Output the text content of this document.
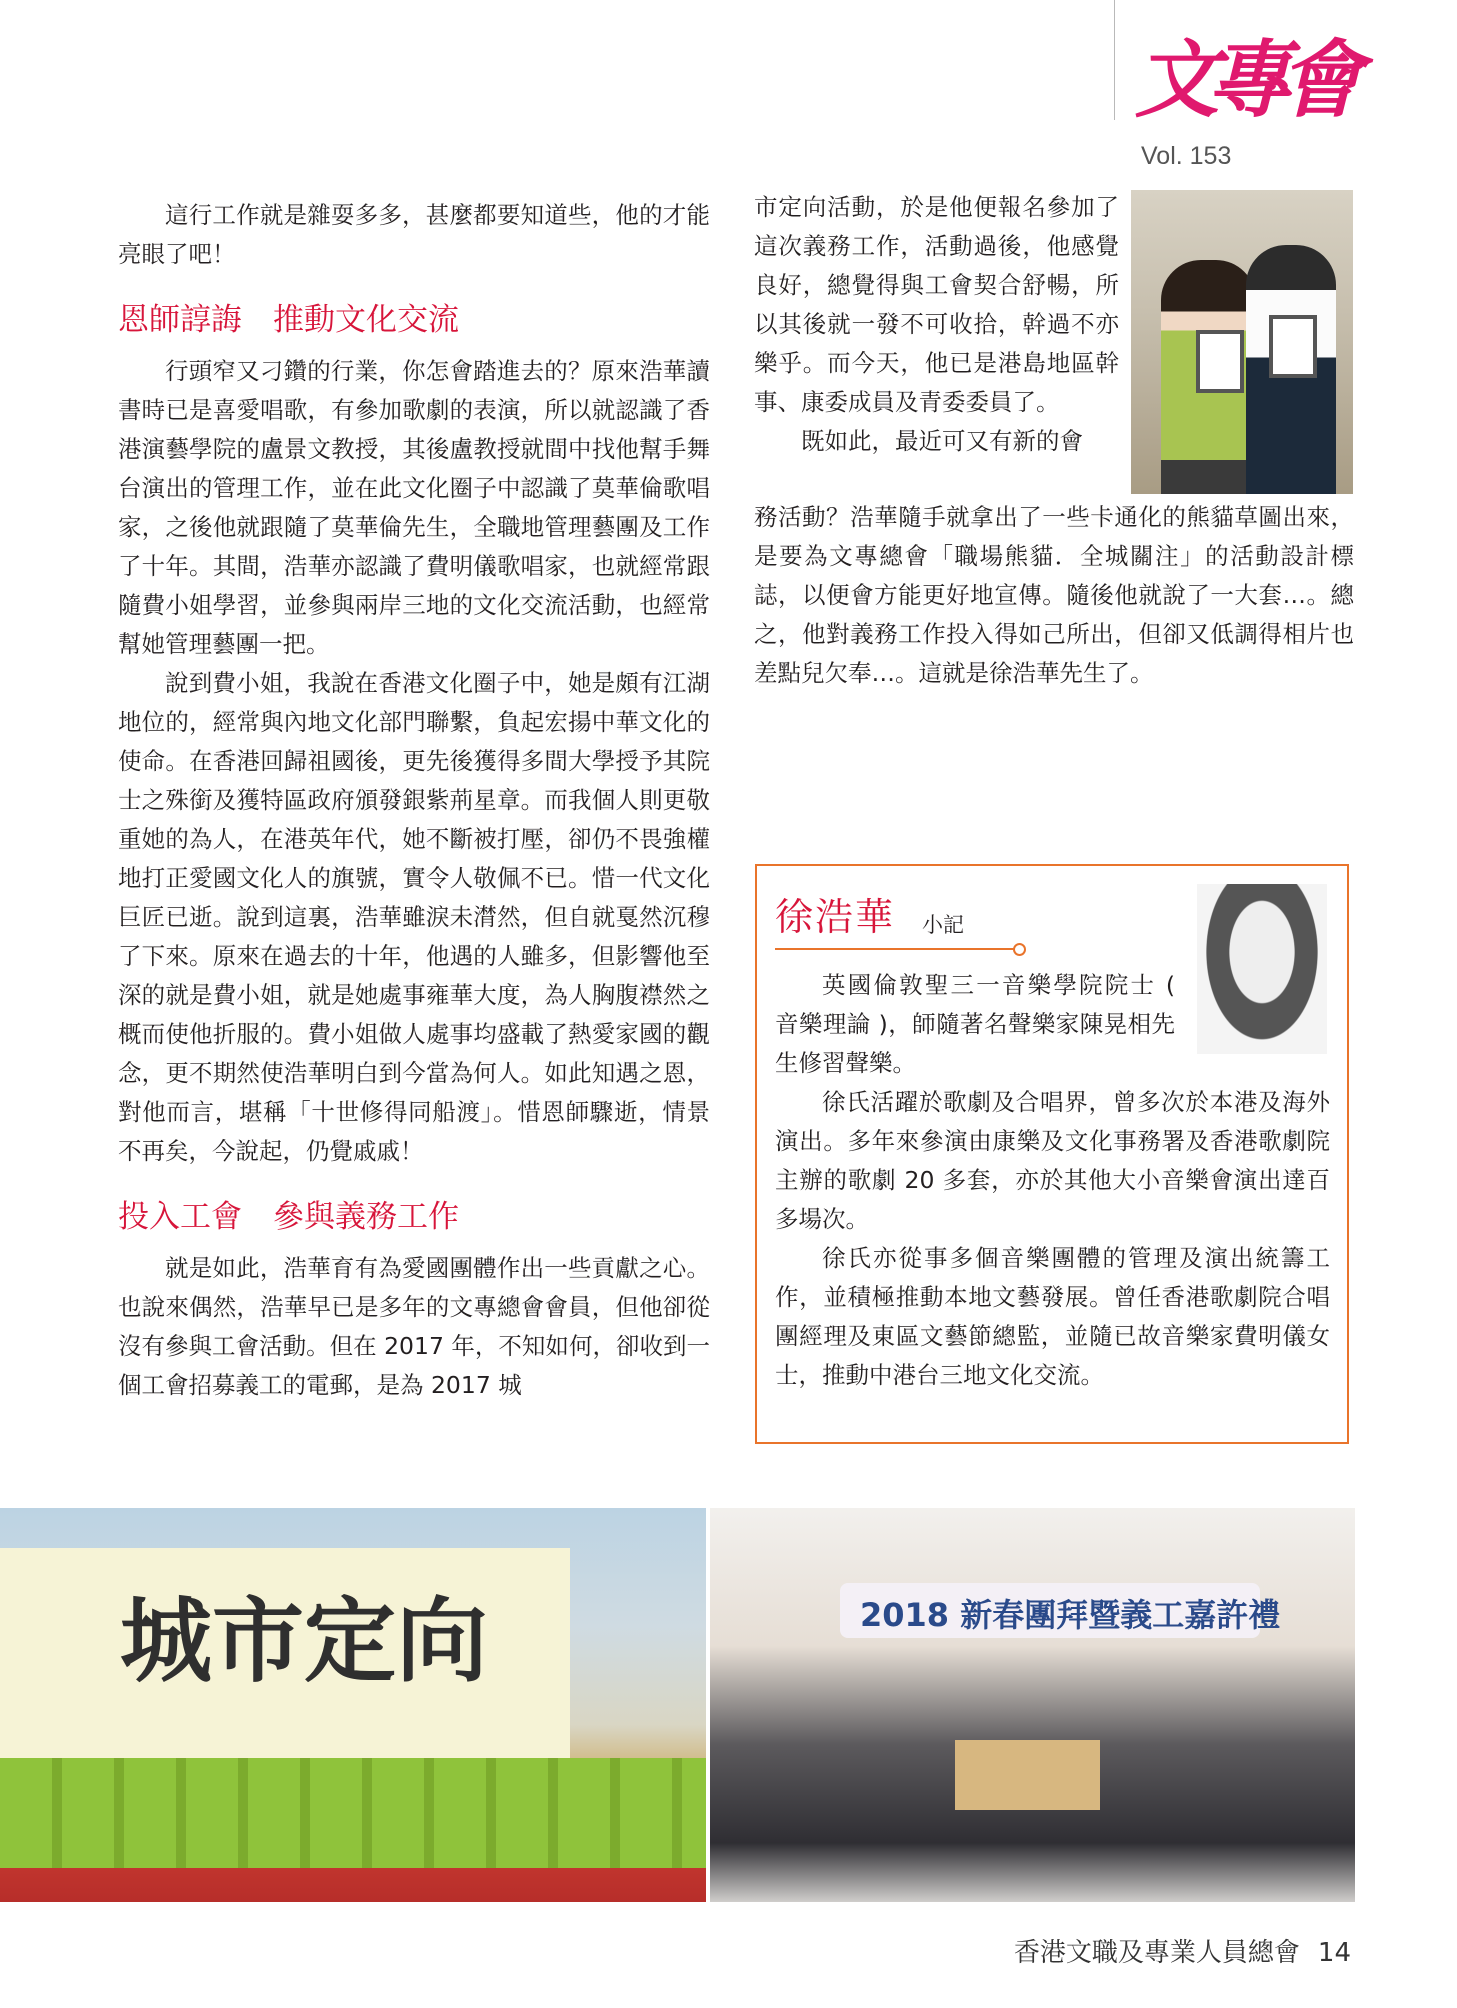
文專會
Vol. 153

這行工作就是雜耍多多，甚麼都要知道些，他的才能亮眼了吧！

恩師諄誨　推動文化交流

行頭窄又刁鑽的行業，你怎會踏進去的？原來浩華讀書時已是喜愛唱歌，有參加歌劇的表演，所以就認識了香港演藝學院的盧景文教授，其後盧教授就間中找他幫手舞台演出的管理工作，並在此文化圈子中認識了莫華倫歌唱家，之後他就跟隨了莫華倫先生，全職地管理藝團及工作了十年。其間，浩華亦認識了費明儀歌唱家，也就經常跟隨費小姐學習，並參與兩岸三地的文化交流活動，也經常幫她管理藝團一把。

說到費小姐，我說在香港文化圈子中，她是頗有江湖地位的，經常與內地文化部門聯繫，負起宏揚中華文化的使命。在香港回歸祖國後，更先後獲得多間大學授予其院士之殊銜及獲特區政府頒發銀紫荊星章。而我個人則更敬重她的為人，在港英年代，她不斷被打壓，卻仍不畏強權地打正愛國文化人的旗號，實令人敬佩不已。惜一代文化巨匠已逝。說到這裏，浩華雖淚未潸然，但自就戛然沉穆了下來。原來在過去的十年，他遇的人雖多，但影響他至深的就是費小姐，就是她處事雍華大度，為人胸腹襟然之概而使他折服的。費小姐做人處事均盛載了熱愛家國的觀念，更不期然使浩華明白到今當為何人。如此知遇之恩，對他而言，堪稱「十世修得同船渡」。惜恩師驟逝，情景不再矣，今說起，仍覺戚戚！

投入工會　參與義務工作

就是如此，浩華育有為愛國團體作出一些貢獻之心。也說來偶然，浩華早已是多年的文專總會會員，但他卻從沒有參與工會活動。但在 2017 年，不知如何，卻收到一個工會招募義工的電郵，是為 2017 城

市定向活動，於是他便報名參加了這次義務工作，活動過後，他感覺良好，總覺得與工會契合舒暢，所以其後就一發不可收拾，幹過不亦樂乎。而今天，他已是港島地區幹事、康委成員及青委委員了。

既如此，最近可又有新的會

務活動？浩華隨手就拿出了一些卡通化的熊貓草圖出來，是要為文專總會「職場熊貓．全城關注」的活動設計標誌，以便會方能更好地宣傳。隨後他就說了一大套…。總之，他對義務工作投入得如己所出，但卻又低調得相片也差點兒欠奉…。這就是徐浩華先生了。

徐浩華 小記

英國倫敦聖三一音樂學院院士 ( 音樂理論 )，師隨著名聲樂家陳晃相先生修習聲樂。

徐氏活躍於歌劇及合唱界，曾多次於本港及海外演出。多年來參演由康樂及文化事務署及香港歌劇院主辦的歌劇 20 多套，亦於其他大小音樂會演出達百多場次。

徐氏亦從事多個音樂團體的管理及演出統籌工作，並積極推動本地文藝發展。曾任香港歌劇院合唱團經理及東區文藝節總監，並隨已故音樂家費明儀女士，推動中港台三地文化交流。

城市定向	2018 新春團拜暨義工嘉許禮
香港文職及專業人員總會 14
